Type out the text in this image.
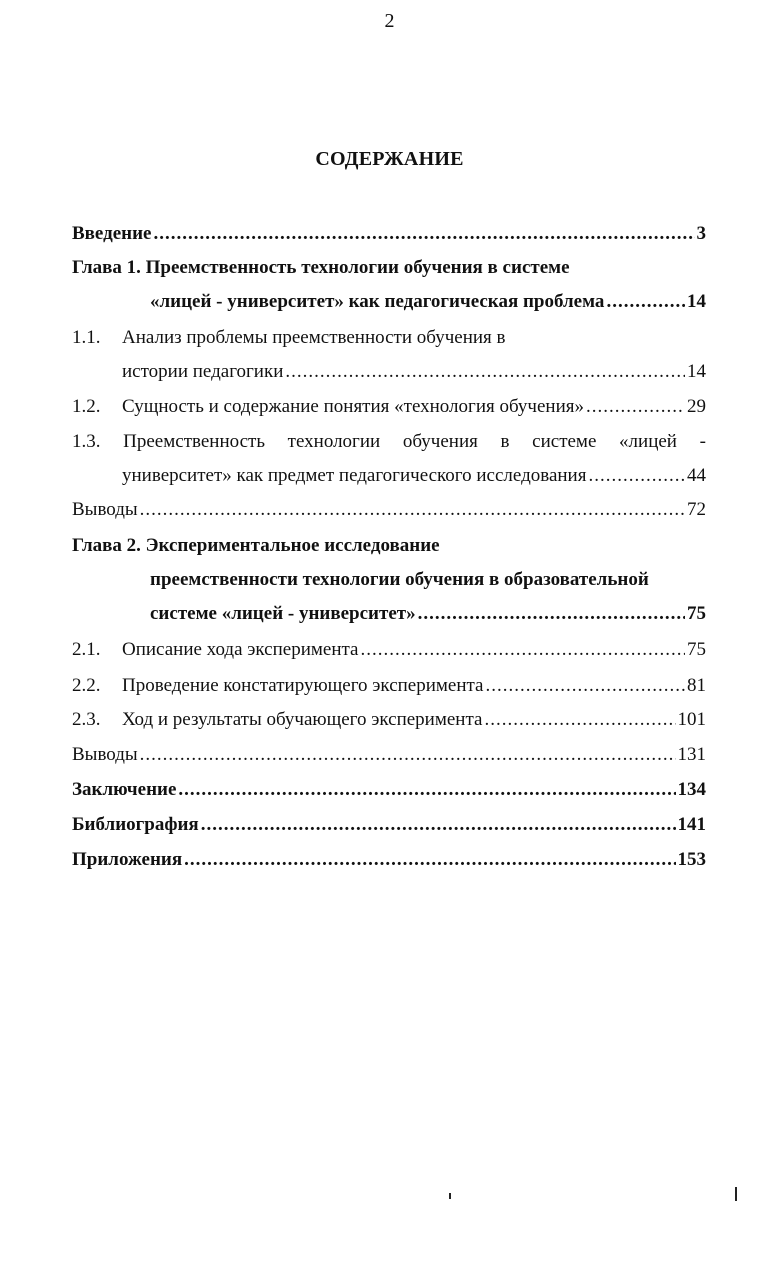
2
СОДЕРЖАНИЕ
Введение .....	3
Глава 1. Преемственность технологии обучения в системе
«лицей - университет» как педагогическая проблема .....	14
1.1.	Анализ проблемы преемственности обучения в
истории педагогики .....	14
1.2.	Сущность и содержание понятия «технология обучения» .....	29
1.3. Преемственность технологии обучения в системе «лицей -
университет» как предмет педагогического исследования .....	44
Выводы .....	72
Глава 2. Экспериментальное исследование
преемственности технологии обучения в образовательной
системе «лицей - университет» .....	75
2.1.	Описание хода эксперимента .....	75
2.2.	Проведение констатирующего эксперимента .....	81
2.3.	Ход и результаты обучающего эксперимента .....	101
Выводы .....	131
Заключение .....	134
Библиография .....	141
Приложения .....	153
